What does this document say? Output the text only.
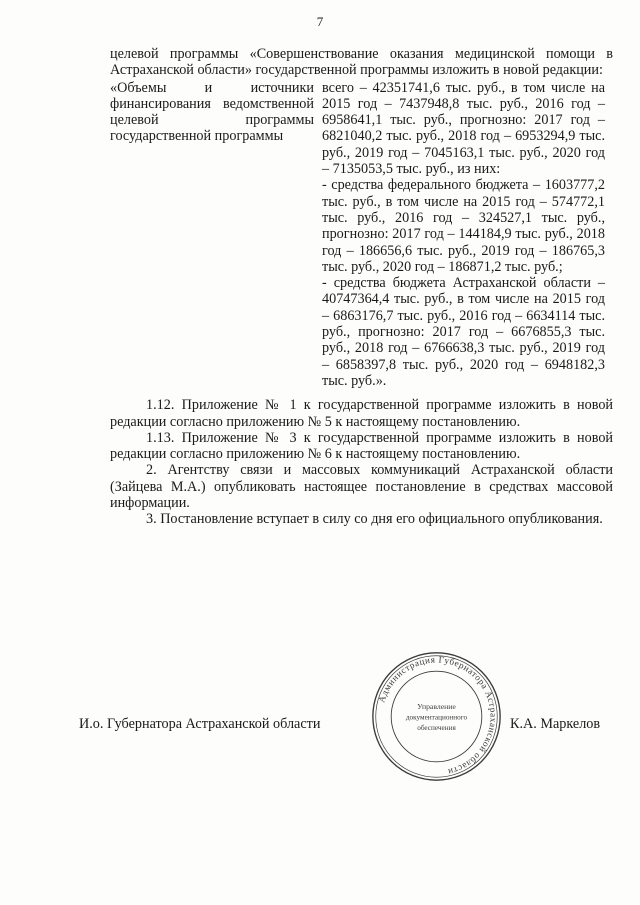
7

целевой программы «Совершенствование оказания медицинской помощи в Астраханской области» государственной программы изложить в новой редакции:

«Объемы и источники финансирования ведомственной целевой программы государственной программы

всего – 42351741,6 тыс. руб., в том числе на 2015 год – 7437948,8 тыс. руб., 2016 год – 6958641,1 тыс. руб., прогнозно: 2017 год – 6821040,2 тыс. руб., 2018 год – 6953294,9 тыс. руб., 2019 год – 7045163,1 тыс. руб., 2020 год – 7135053,5 тыс. руб., из них:

- средства федерального бюджета – 1603777,2 тыс. руб., в том числе на 2015 год – 574772,1 тыс. руб., 2016 год – 324527,1 тыс. руб., прогнозно: 2017 год – 144184,9 тыс. руб., 2018 год – 186656,6 тыс. руб., 2019 год – 186765,3 тыс. руб., 2020 год – 186871,2 тыс. руб.;

- средства бюджета Астраханской области – 40747364,4 тыс. руб., в том числе на 2015 год – 6863176,7 тыс. руб., 2016 год – 6634114 тыс. руб., прогнозно: 2017 год – 6676855,3 тыс. руб., 2018 год – 6766638,3 тыс. руб., 2019 год – 6858397,8 тыс. руб., 2020 год – 6948182,3 тыс. руб.».

1.12. Приложение № 1 к государственной программе изложить в новой редакции согласно приложению № 5 к настоящему постановлению.

1.13. Приложение № 3 к государственной программе изложить в новой редакции согласно приложению № 6 к настоящему постановлению.

2. Агентству связи и массовых коммуникаций Астраханской области (Зайцева М.А.) опубликовать настоящее постановление в средствах массовой информации.

3. Постановление вступает в силу со дня его официального опубликования.

И.о. Губернатора Астраханской области	К.А. Маркелов
Администрация Губернатора Астраханской области
Управление
документационного
обеспечения
